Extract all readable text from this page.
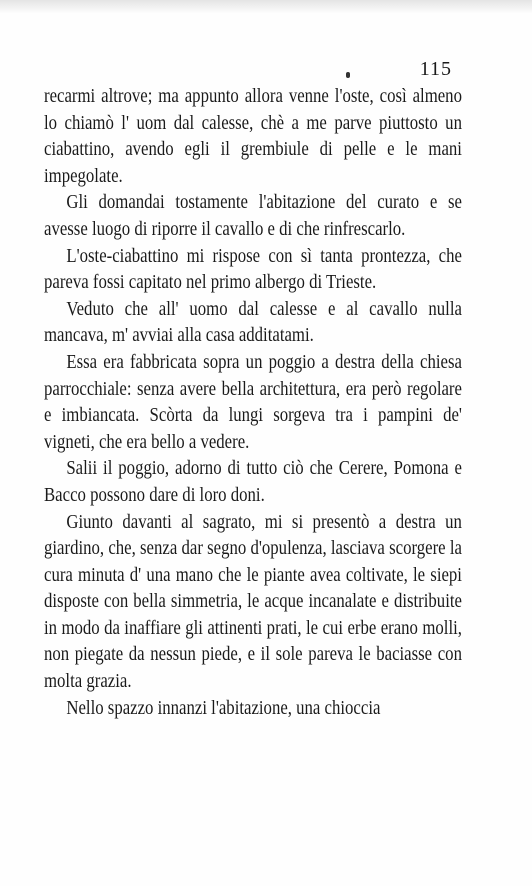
115

recarmi altrove; ma appunto allora venne l'oste, così almeno lo chiamò l' uom dal calesse, chè a me parve piuttosto un ciabattino, avendo egli il grembiule di pelle e le mani impegolate.

Gli domandai tostamente l'abitazione del curato e se avesse luogo di riporre il cavallo e di che rinfrescarlo.

L'oste-ciabattino mi rispose con sì tanta prontezza, che pareva fossi capitato nel primo albergo di Trieste.

Veduto che all' uomo dal calesse e al cavallo nulla mancava, m' avviai alla casa additatami.

Essa era fabbricata sopra un poggio a destra della chiesa parrocchiale: senza avere bella architettura, era però regolare e imbiancata. Scòrta da lungi sorgeva tra i pampini de' vigneti, che era bello a vedere.

Salii il poggio, adorno di tutto ciò che Cerere, Pomona e Bacco possono dare di loro doni.

Giunto davanti al sagrato, mi si presentò a destra un giardino, che, senza dar segno d'opulenza, lasciava scorgere la cura minuta d' una mano che le piante avea coltivate, le siepi disposte con bella simmetria, le acque incanalate e distribuite in modo da inaffiare gli attinenti prati, le cui erbe erano molli, non piegate da nessun piede, e il sole pareva le baciasse con molta grazia.

Nello spazzo innanzi l'abitazione, una chioccia
